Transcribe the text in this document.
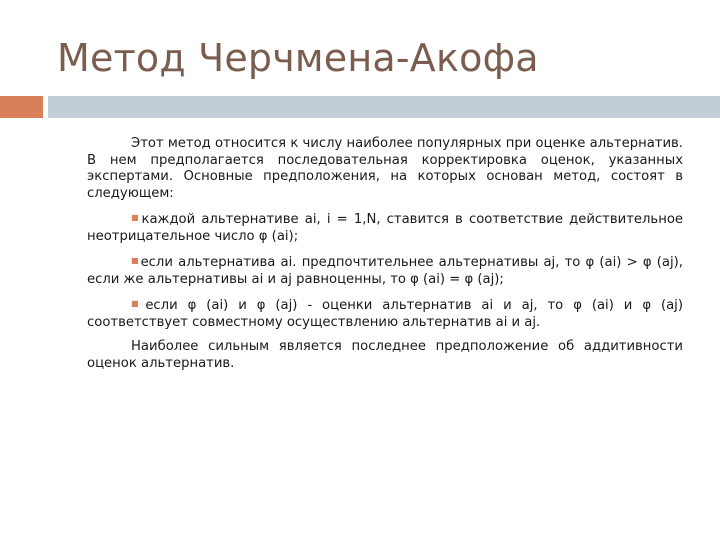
Метод Черчмена-Акофа

Этот метод относится к числу наиболее популярных при оценке альтернатив. В нем предполагается последовательная корректировка оценок, указанных экспертами. Основные предположения, на которых основан метод, состоят в следующем:

■каждой альтернативе ai, i = 1,N, ставится в соответствие действительное неотрицательное число φ (ai);

■если альтернатива ai. предпочтительнее альтернативы aj, то φ (ai) > φ (aj), если же альтернативы ai и aj равноценны, то φ (ai) = φ (aj);

■если φ (ai) и φ (aj) - оценки альтернатив ai и aj, то φ (ai) и φ (aj) соответствует совместному осуществлению альтернатив ai и aj.

Наиболее сильным является последнее предположение об аддитивности оценок альтернатив.
